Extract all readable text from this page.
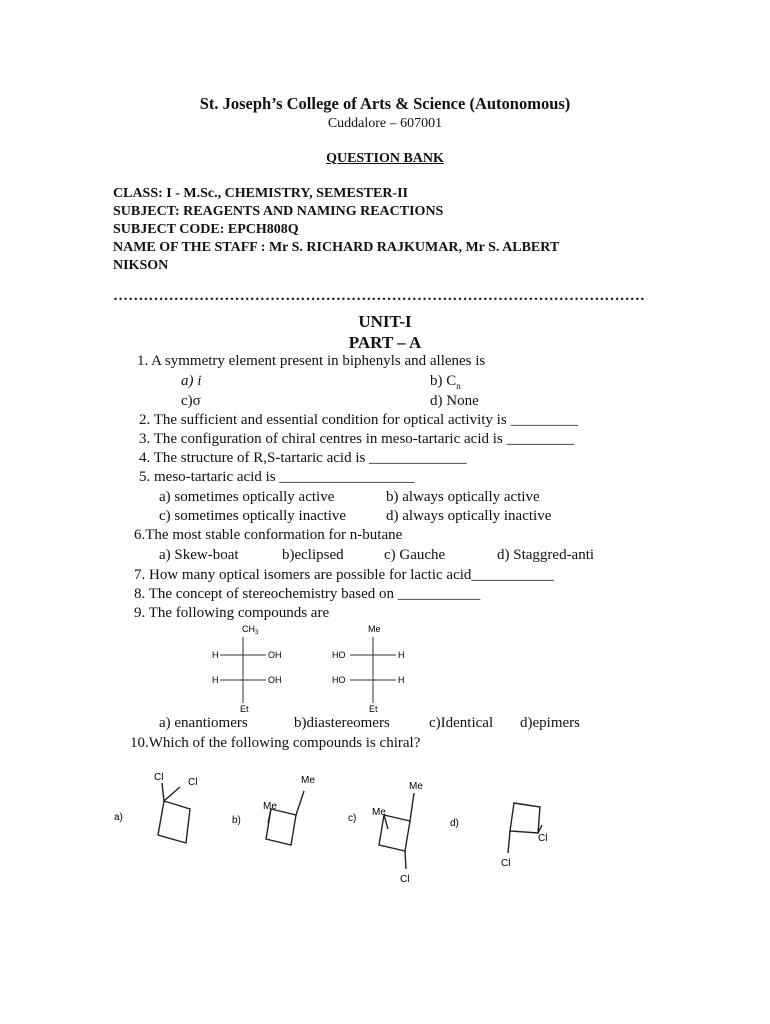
St. Joseph’s College of Arts & Science (Autonomous)
Cuddalore – 607001
QUESTION BANK
CLASS: I - M.Sc., CHEMISTRY, SEMESTER-II
SUBJECT: REAGENTS AND NAMING REACTIONS
SUBJECT CODE: EPCH808Q
NAME OF THE STAFF : Mr S. RICHARD RAJKUMAR, Mr S. ALBERT
NIKSON
……………………………………………………………………………………………
UNIT-I
PART – A
1. A symmetry element present in biphenyls and allenes is
a) i	b) $C_n$
c)σ	d) None
2. The sufficient and essential condition for optical activity is _________
3. The configuration of chiral centres in meso-tartaric acid is _________
4. The structure of R,S-tartaric acid is _____________
5. meso-tartaric acid is __________________
a) sometimes optically active	b) always optically active
c) sometimes optically inactive	d) always optically inactive
6.The most stable conformation for n-butane
a) Skew-boat	b)eclipsed	c) Gauche	d) Staggred-anti
7. How many optical isomers are possible for lactic acid___________
8. The concept of stereochemistry based on ___________
9. The following compounds are
$CH_3$
H	OH
H	OH
Et
Me
HO	H
HO	H
Et
a) enantiomers	b)diastereomers	c)Identical d)epimers
10.Which of the following compounds is chiral?
a)
Cl Cl
b)
Me
Me
c)
Me
Me
Cl
d)
Cl
Cl
